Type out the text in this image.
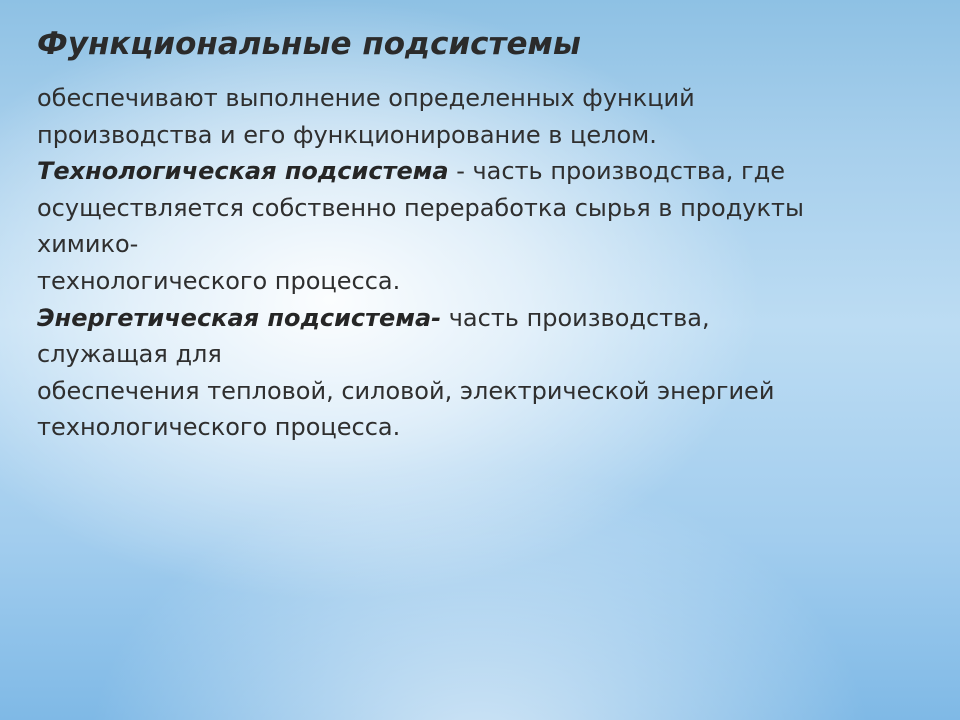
Функциональные подсистемы
обеспечивают выполнение определенных функций
производства и его функционирование в целом.
Технологическая подсистема - часть производства, где
осуществляется собственно переработка сырья в продукты
химико-
технологического процесса.
Энергетическая подсистема- часть производства,
служащая для
обеспечения тепловой, силовой, электрической энергией
технологического процесса.
